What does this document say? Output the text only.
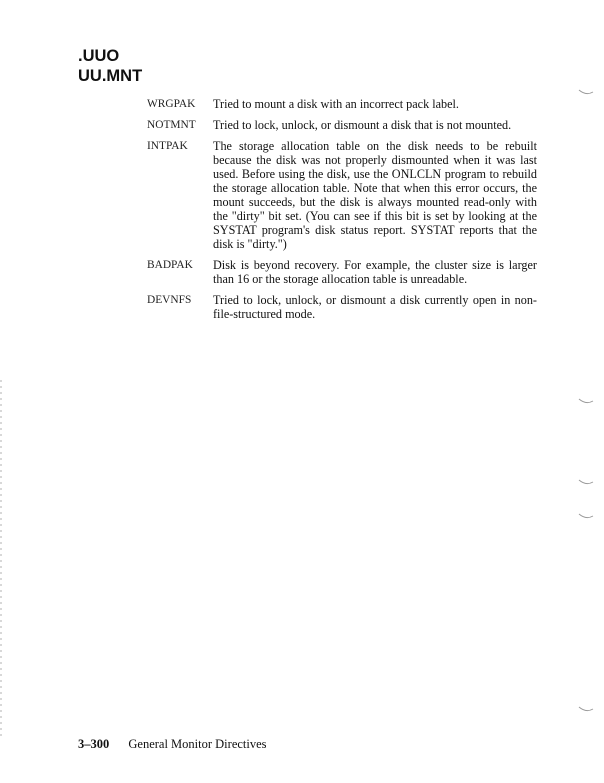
.UUO
UU.MNT
WRGPAK	Tried to mount a disk with an incorrect pack label.
NOTMNT	Tried to lock, unlock, or dismount a disk that is not mounted.
INTPAK	The storage allocation table on the disk needs to be rebuilt because the disk was not properly dismounted when it was last used. Before using the disk, use the ONLCLN program to rebuild the storage allocation table. Note that when this error occurs, the mount succeeds, but the disk is always mounted read-only with the "dirty" bit set. (You can see if this bit is set by looking at the SYSTAT program's disk status report. SYSTAT reports that the disk is "dirty.")
BADPAK	Disk is beyond recovery. For example, the cluster size is larger than 16 or the storage allocation table is unreadable.
DEVNFS	Tried to lock, unlock, or dismount a disk currently open in non-file-structured mode.
3–300 General Monitor Directives
